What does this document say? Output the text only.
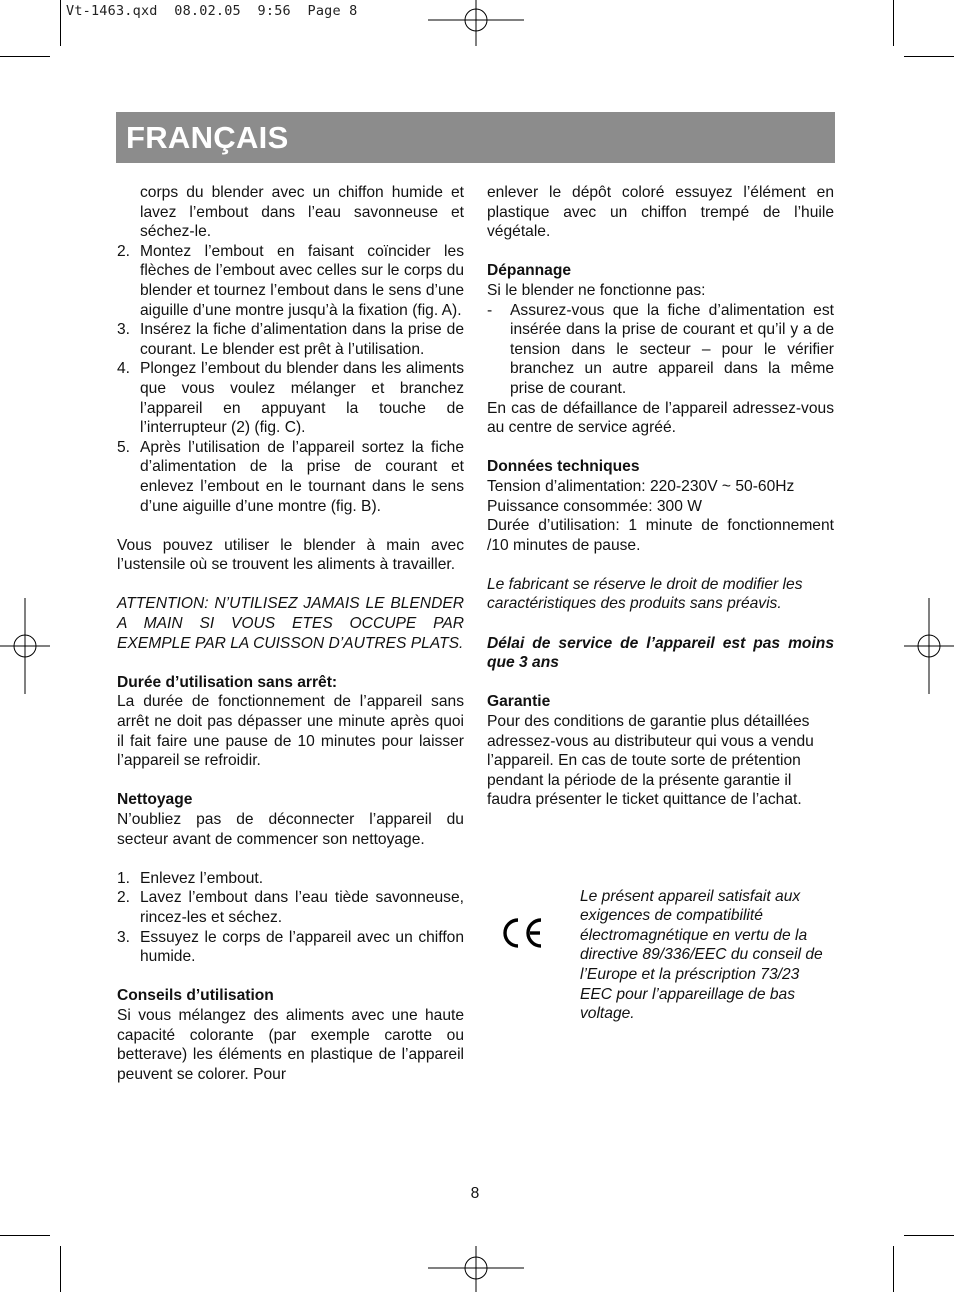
Vt-1463.qxd  08.02.05  9:56  Page 8
FRANÇAIS
corps du blender avec un chiffon humide et lavez l’embout dans l’eau savonneuse et séchez-le.
2. Montez l’embout en faisant coïncider les flèches de l’embout avec celles sur le corps du blender et tournez l’embout dans le sens d’une aiguille d’une montre jusqu’à la fixation (fig. A).
3. Insérez la fiche d’alimentation dans la prise de courant. Le blender est prêt à l’utilisation.
4. Plongez l’embout du blender dans les aliments que vous voulez mélanger et branchez l’appareil en appuyant la touche de l’interrupteur (2) (fig. C).
5. Après l’utilisation de l’appareil sortez la fiche d’alimentation de la prise de courant et enlevez l’embout en le tournant dans le sens d’une aiguille d’une montre (fig. B).

Vous pouvez utiliser le blender à main avec l’ustensile où se trouvent les aliments à travailler.

ATTENTION: N’UTILISEZ JAMAIS LE BLENDER A MAIN SI VOUS ETES OCCUPE PAR EXEMPLE PAR LA CUISSON D’AUTRES PLATS.

Durée d’utilisation sans arrêt:

La durée de fonctionnement de l’appareil sans arrêt ne doit pas dépasser une minute après quoi il fait faire une pause de 10 minutes pour laisser l’appareil se refroidir.

Nettoyage

N’oubliez pas de déconnecter l’appareil du secteur avant de commencer son nettoyage.

1. Enlevez l’embout.
2. Lavez l’embout dans l’eau tiède savonneuse, rincez-les et séchez.
3. Essuyez le corps de l’appareil avec un chiffon humide.

Conseils d’utilisation

Si vous mélangez des aliments avec une haute capacité colorante (par exemple carotte ou betterave) les éléments en plastique de l’appareil peuvent se colorer. Pour

enlever le dépôt coloré essuyez l’élément en plastique avec un chiffon trempé de l’huile végétale.

Dépannage

Si le blender ne fonctionne pas:

- Assurez-vous que la fiche d’alimentation est insérée dans la prise de courant et qu’il y a de tension dans le secteur – pour le vérifier branchez un autre appareil dans la même prise de courant.

En cas de défaillance de l’appareil adressez-vous au centre de service agréé.

Données techniques

Tension d’alimentation: 220-230V ~ 50-60Hz

Puissance consommée: 300 W

Durée d’utilisation: 1 minute de fonctionnement /10 minutes de pause.

Le fabricant se réserve le droit de modifier les caractéristiques des produits sans préavis.

Délai de service de l’appareil est pas moins que 3 ans

Garantie

Pour des conditions de garantie plus détaillées adressez-vous au distributeur qui vous a vendu l’appareil. En cas de toute sorte de prétention pendant la période de la présente garantie il faudra présenter le ticket quittance de l’achat.

Le présent appareil satisfait aux exigences de compatibilité électromagnétique en vertu de la directive 89/336/EEC du conseil de l’Europe et la préscription 73/23 EEC pour l’appareillage de bas voltage.

8
